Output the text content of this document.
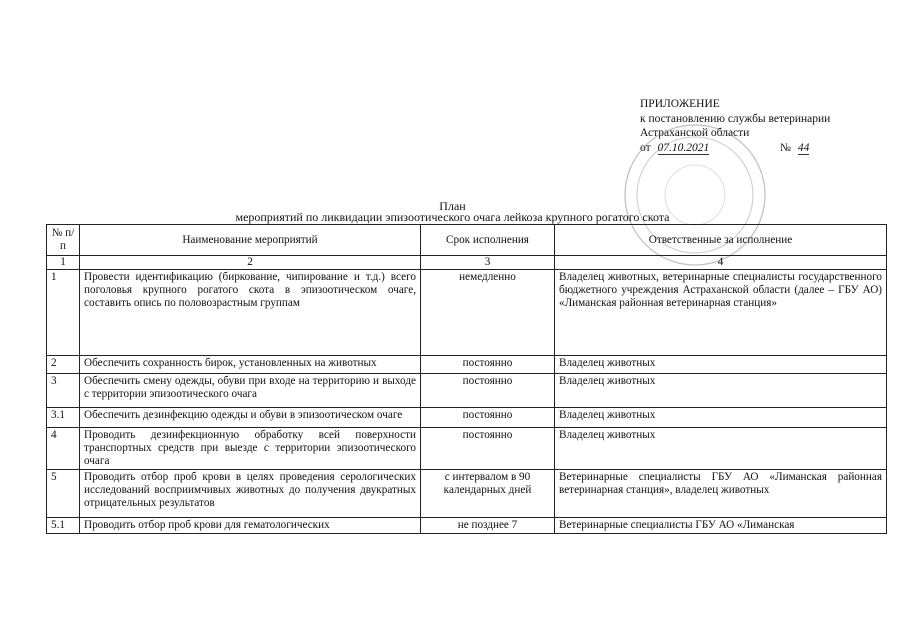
ПРИЛОЖЕНИЕ
к постановлению службы ветеринарии
Астраханской области
от 07.10.2021	№ 44
План
мероприятий по ликвидации эпизоотического очага лейкоза крупного рогатого скота
№ п/п	Наименование мероприятий	Срок исполнения	Ответственные за исполнение
1	2	3	4
1	Провести идентификацию (биркование, чипирование и т.д.) всего поголовья крупного рогатого скота в эпизоотическом очаге, составить опись по половозрастным группам	немедленно	Владелец животных, ветеринарные специалисты государственного бюджетного учреждения Астраханской области (далее – ГБУ АО) «Лиманская районная ветеринарная станция»
2	Обеспечить сохранность бирок, установленных на животных	постоянно	Владелец животных
3	Обеспечить смену одежды, обуви при входе на территорию и выходе с территории эпизоотического очага	постоянно	Владелец животных
3.1	Обеспечить дезинфекцию одежды и обуви в эпизоотическом очаге	постоянно	Владелец животных
4	Проводить дезинфекционную обработку всей поверхности транспортных средств при выезде с территории эпизоотического очага	постоянно	Владелец животных
5	Проводить отбор проб крови в целях проведения серологических исследований восприимчивых животных до получения двукратных отрицательных результатов	с интервалом в 90 календарных дней	Ветеринарные специалисты ГБУ АО «Лиманская районная ветеринарная станция», владелец животных
5.1	Проводить отбор проб крови для гематологических	не позднее 7	Ветеринарные специалисты ГБУ АО «Лиманская
